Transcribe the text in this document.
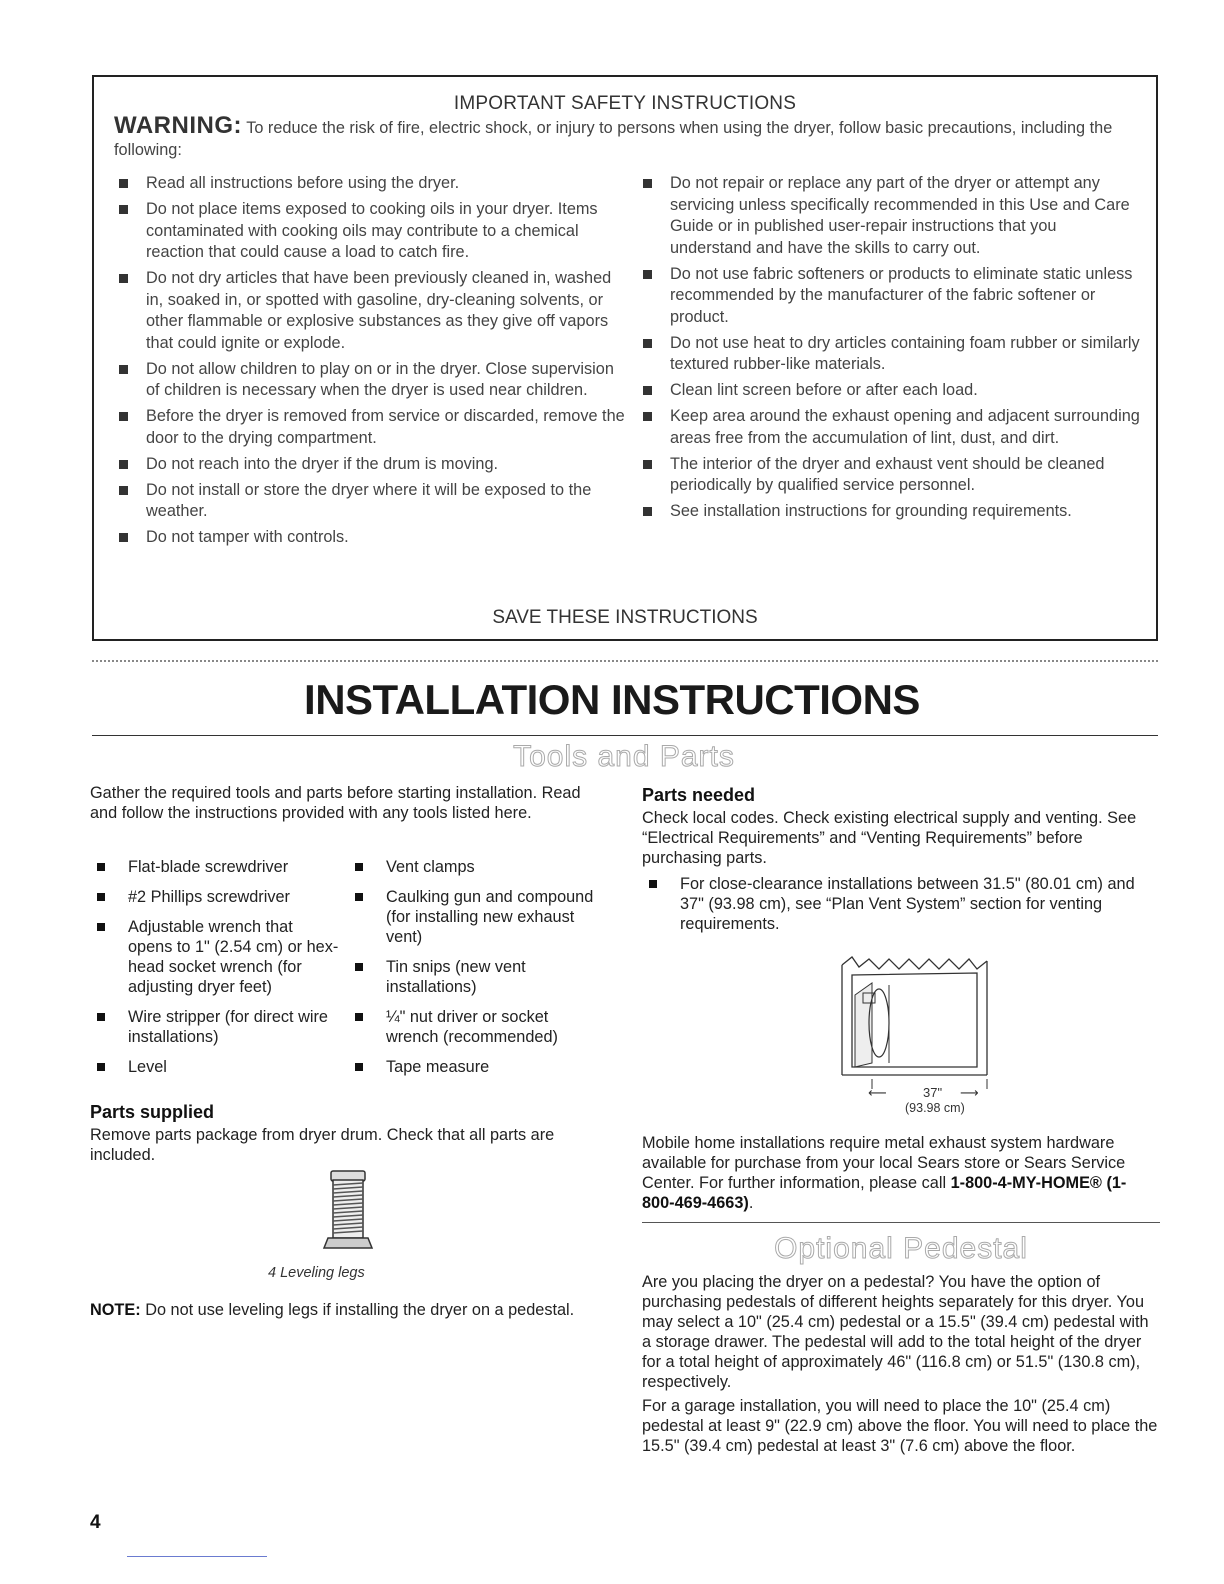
IMPORTANT SAFETY INSTRUCTIONS
WARNING: To reduce the risk of fire, electric shock, or injury to persons when using the dryer, follow basic precautions, including the following:
Read all instructions before using the dryer.
Do not place items exposed to cooking oils in your dryer. Items contaminated with cooking oils may contribute to a chemical reaction that could cause a load to catch fire.
Do not dry articles that have been previously cleaned in, washed in, soaked in, or spotted with gasoline, dry-cleaning solvents, or other flammable or explosive substances as they give off vapors that could ignite or explode.
Do not allow children to play on or in the dryer. Close supervision of children is necessary when the dryer is used near children.
Before the dryer is removed from service or discarded, remove the door to the drying compartment.
Do not reach into the dryer if the drum is moving.
Do not install or store the dryer where it will be exposed to the weather.
Do not tamper with controls.
Do not repair or replace any part of the dryer or attempt any servicing unless specifically recommended in this Use and Care Guide or in published user-repair instructions that you understand and have the skills to carry out.
Do not use fabric softeners or products to eliminate static unless recommended by the manufacturer of the fabric softener or product.
Do not use heat to dry articles containing foam rubber or similarly textured rubber-like materials.
Clean lint screen before or after each load.
Keep area around the exhaust opening and adjacent surrounding areas free from the accumulation of lint, dust, and dirt.
The interior of the dryer and exhaust vent should be cleaned periodically by qualified service personnel.
See installation instructions for grounding requirements.
SAVE THESE INSTRUCTIONS
INSTALLATION INSTRUCTIONS
Tools and Parts
Gather the required tools and parts before starting installation. Read and follow the instructions provided with any tools listed here.
Flat-blade screwdriver
#2 Phillips screwdriver
Adjustable wrench that opens to 1" (2.54 cm) or hex-head socket wrench (for adjusting dryer feet)
Wire stripper (for direct wire installations)
Level
Vent clamps
Caulking gun and compound (for installing new exhaust vent)
Tin snips (new vent installations)
¼" nut driver or socket wrench (recommended)
Tape measure
Parts supplied
Remove parts package from dryer drum. Check that all parts are included.
4 Leveling legs
NOTE: Do not use leveling legs if installing the dryer on a pedestal.
Parts needed
Check local codes. Check existing electrical supply and venting. See “Electrical Requirements” and “Venting Requirements” before purchasing parts.
For close-clearance installations between 31.5" (80.01 cm) and 37" (93.98 cm), see “Plan Vent System” section for venting requirements.
⟵	37" ⟶
(93.98 cm)
Mobile home installations require metal exhaust system hardware available for purchase from your local Sears store or Sears Service Center. For further information, please call 1-800-4-MY-HOME® (1-800-469-4663).
Optional Pedestal
Are you placing the dryer on a pedestal? You have the option of purchasing pedestals of different heights separately for this dryer. You may select a 10" (25.4 cm) pedestal or a 15.5" (39.4 cm) pedestal with a storage drawer. The pedestal will add to the total height of the dryer for a total height of approximately 46" (116.8 cm) or 51.5" (130.8 cm), respectively.
For a garage installation, you will need to place the 10" (25.4 cm) pedestal at least 9" (22.9 cm) above the floor. You will need to place the 15.5" (39.4 cm) pedestal at least 3" (7.6 cm) above the floor.
4
